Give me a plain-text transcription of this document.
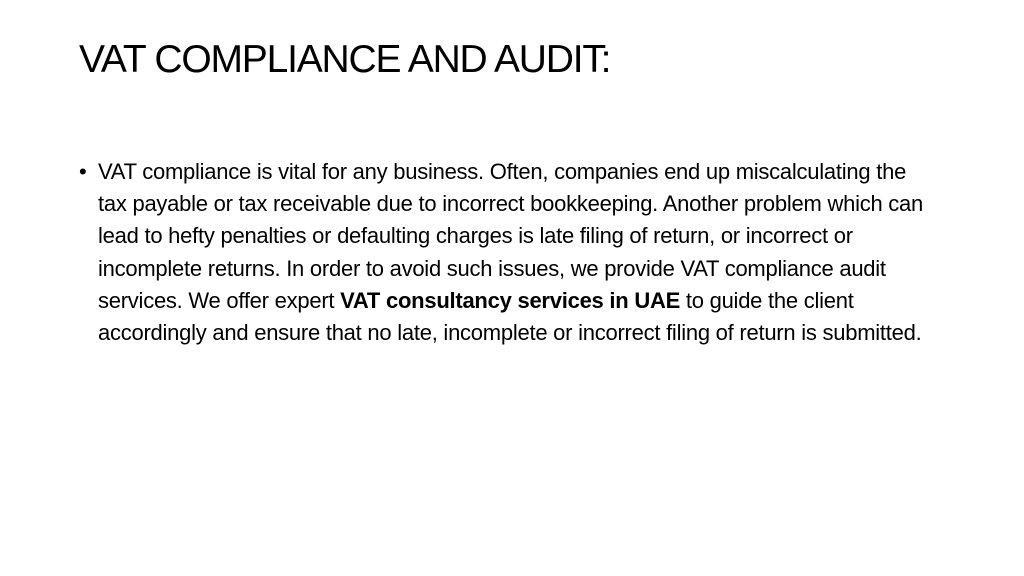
VAT COMPLIANCE AND AUDIT:
• VAT compliance is vital for any business. Often, companies end up miscalculating the tax payable or tax receivable due to incorrect bookkeeping. Another problem which can lead to hefty penalties or defaulting charges is late filing of return, or incorrect or incomplete returns. In order to avoid such issues, we provide VAT compliance audit services. We offer expert VAT consultancy services in UAE to guide the client accordingly and ensure that no late, incomplete or incorrect filing of return is submitted.
